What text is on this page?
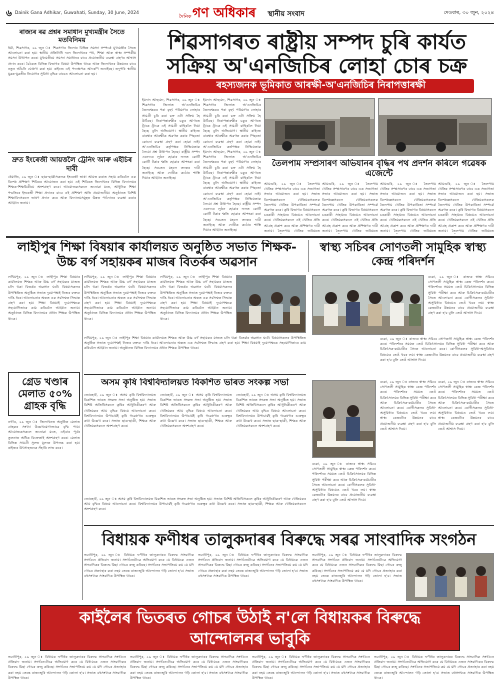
৬ Dainik Gana Adhikar, Guwahati, Sunday, 30 June, 2024
দৈনিক গণ অধিকাৰ স্থানীয় সংবাদ	দেওবাৰ, ৩০ জুন, ২০২৪
ৰাজ্যৰ ৰৱ প্ৰশ্নৰ সমাধান মুখ্যমন্ত্ৰীৰ সৈতে মতবিনিময়
ধৰ্মা, শিৱসাগৰ, ২৯ জুন ঃ শিৱসাগৰ জিলাৰ বিভিন্ন সমস্যা সম্পৰ্কে মুখ্যমন্ত্ৰীৰ সৈতে আলোচনা কৰা হয়। স্থানীয় প্ৰতিনিধি দলে জিলাখনৰ পথ, শিক্ষা আৰু স্বাস্থ্য সম্পৰ্কীয় সমস্যা উত্থাপন কৰে। মুখ্যমন্ত্ৰীয়ে সমস্যা সমাধানৰ বাবে প্ৰয়োজনীয় ব্যৱস্থা গ্ৰহণৰ আশ্বাস প্ৰদান কৰে। বৈঠকত বিভিন্ন বিভাগৰ বিষয়া উপস্থিত থাকে আৰু জিলাখনৰ উন্নয়নৰ বাবে নতুন আঁচনি ঘোষণা কৰা হয়। ৰাইজে এই পদক্ষেপক আদৰণি জনাইছে। তদুপৰি স্থানীয় যুৱক-যুৱতীৰ নিয়োগৰ সুবিধা বৃদ্ধিৰ বাবেও আলোচনা কৰা হয়।
দ্ৰুত ইংৰেজী আয়ত্তলৈ ট্ৰেনিং আৰু এইচিৰ দাবী
ধেমাজি, ২৯ জুন ঃ ছাত্ৰ-ছাত্ৰীসকলক ইংৰেজী ভাষা আয়ত্ত কৰাত সহায় কৰিবলৈ এক বিশেষ প্ৰশিক্ষণ শিবিৰৰ আয়োজন কৰা হয়। এই শিবিৰত জিলাখনৰ বিভিন্ন বিদ্যালয়ৰ শিক্ষক-শিক্ষয়িত্ৰীয়ে অংশগ্ৰহণ কৰে। আয়োজকসকলে জনোৱা মতে, আধুনিক শিক্ষা পদ্ধতিৰে ইংৰেজী শিক্ষা প্ৰদানৰ বাবে এই প্ৰশিক্ষণ অতি প্ৰয়োজনীয়। অনুষ্ঠানত বিশিষ্ট শিক্ষাবিদসকলে ভাষণ প্ৰদান কৰে আৰু বিদ্যালয়সমূহত উন্নত পাঠদানৰ ব্যৱস্থা কৰাৰ আহ্বান জনায়।
শিৱসাগৰত ৰাষ্ট্ৰীয় সম্পদ চুৰি কাৰ্যত সক্ৰিয় অ'এনজিচিৰ লোহা চোৰ চক্ৰ
ৰহস্যজনক ভূমিকাত আৰক্ষী-অ'এনজিচিৰ নিৰাপত্তাৰক্ষী
ইমদাদ আহমেদ, শিৱসাগৰ, ২৯ জুন ঃ শিৱসাগৰ জিলাত অ'এনজিচিৰ তৈলক্ষেত্ৰৰ পৰা বৃহৎ পৰিমাণৰ লোহাৰ সামগ্ৰী চুৰি কৰা চক্ৰ এটা সক্ৰিয় হৈ উঠিছে। নিৰাপত্তাৰক্ষীৰ চকুৰ আগতে ট্ৰাকে ট্ৰাকে এই সামগ্ৰী বাহিৰলৈ নিয়া হৈছে বুলি অভিযোগ। স্থানীয় ৰাইজে বাৰম্বাৰ আৰক্ষীক অৱগত কৰাৰ পিছতো কোনো ব্যৱস্থা গ্ৰহণ কৰা হোৱা নাই। অ'এনজিচিৰ কৰ্তৃপক্ষৰ নিষ্ক্ৰিয়তাক লৈয়ো প্ৰশ্ন উত্থাপন হৈছে। ৰাষ্ট্ৰীয় সম্পদ এনেদৰে লুণ্ঠন হোৱাৰ ফলত কোটি কোটি টকাৰ ক্ষতি হোৱাৰ আশংকা কৰা হৈছে। সচেতন মহলে তদন্তৰ দাবী জনাইছে আৰু দোষীক কঠোৰ শাস্তি দিয়াৰ আহ্বান জনাইছে।
ইমদাদ আহমেদ, শিৱসাগৰ, ২৯ জুন ঃ শিৱসাগৰ জিলাত অ'এনজিচিৰ তৈলক্ষেত্ৰৰ পৰা বৃহৎ পৰিমাণৰ লোহাৰ সামগ্ৰী চুৰি কৰা চক্ৰ এটা সক্ৰিয় হৈ উঠিছে। নিৰাপত্তাৰক্ষীৰ চকুৰ আগতে ট্ৰাকে ট্ৰাকে এই সামগ্ৰী বাহিৰলৈ নিয়া হৈছে বুলি অভিযোগ। স্থানীয় ৰাইজে বাৰম্বাৰ আৰক্ষীক অৱগত কৰাৰ পিছতো কোনো ব্যৱস্থা গ্ৰহণ কৰা হোৱা নাই। অ'এনজিচিৰ কৰ্তৃপক্ষৰ নিষ্ক্ৰিয়তাক
ইমদাদ আহমেদ, শিৱসাগৰ, ২৯ জুন ঃ শিৱসাগৰ জিলাত অ'এনজিচিৰ তৈলক্ষেত্ৰৰ পৰা বৃহৎ পৰিমাণৰ লোহাৰ সামগ্ৰী চুৰি কৰা চক্ৰ এটা সক্ৰিয় হৈ উঠিছে। নিৰাপত্তাৰক্ষীৰ চকুৰ আগতে ট্ৰাকে ট্ৰাকে এই সামগ্ৰী বাহিৰলৈ নিয়া হৈছে বুলি অভিযোগ। স্থানীয় ৰাইজে বাৰম্বাৰ আৰক্ষীক অৱগত কৰাৰ পিছতো কোনো ব্যৱস্থা গ্ৰহণ কৰা হোৱা নাই। অ'এনজিচিৰ কৰ্তৃপক্ষৰ নিষ্ক্ৰিয়তাক লৈয়ো প্ৰশ্ন উত্থাপন হৈছে। ৰাষ্ট্ৰীয় সম্পদ এনেদৰে লুণ্ঠন হোৱাৰ ফলত কোটি কোটি টকাৰ ক্ষতি হোৱাৰ আশংকা কৰা হৈছে। সচেতন মহলে তদন্তৰ দাবী জনাইছে আৰু দোষীক কঠোৰ শাস্তি দিয়াৰ আহ্বান জনাইছে।
তৈলপাম সম্প্ৰসাৰণ অভিযানৰ বৃদ্ধিৰ পথ প্ৰদৰ্শন কৰিলে গৱেষক এজেন্টে
আমগুৰি, ২৯ জুন ঃ তৈলপাম খেতিৰ সম্প্ৰসাৰণৰ বাবে এক সজাগতা সভাৰ আয়োজন কৰা হয়। সভাত বিশেষজ্ঞসকলে খেতিয়কসকলক তৈলপাম খেতিৰ উপকাৰিতা সম্পৰ্কে অৱগত কৰে। কৃষি বিভাগৰ বিষয়াসকলে চৰকাৰী সাহায্যৰ বিষয়েও আলোচনা কৰে। খেতিয়কসকলে এই খেতিৰ প্ৰতি আগ্ৰহ প্ৰকাশ কৰে আৰু প্ৰশিক্ষণৰ দাবী জনায়। তৈলপাম খেতিৰ জৰিয়তে
আমগুৰি, ২৯ জুন ঃ তৈলপাম খেতিৰ সম্প্ৰসাৰণৰ বাবে এক সজাগতা সভাৰ আয়োজন কৰা হয়। সভাত বিশেষজ্ঞসকলে খেতিয়কসকলক তৈলপাম খেতিৰ উপকাৰিতা সম্পৰ্কে অৱগত কৰে। কৃষি বিভাগৰ বিষয়াসকলে চৰকাৰী সাহায্যৰ বিষয়েও আলোচনা কৰে। খেতিয়কসকলে এই খেতিৰ প্ৰতি আগ্ৰহ প্ৰকাশ কৰে আৰু প্ৰশিক্ষণৰ দাবী জনায়। তৈলপাম খেতিৰ জৰিয়তে
আমগুৰি, ২৯ জুন ঃ তৈলপাম খেতিৰ সম্প্ৰসাৰণৰ বাবে এক সজাগতা সভাৰ আয়োজন কৰা হয়। সভাত বিশেষজ্ঞসকলে খেতিয়কসকলক তৈলপাম খেতিৰ উপকাৰিতা সম্পৰ্কে অৱগত কৰে। কৃষি বিভাগৰ বিষয়াসকলে চৰকাৰী সাহায্যৰ বিষয়েও আলোচনা কৰে। খেতিয়কসকলে এই খেতিৰ প্ৰতি আগ্ৰহ প্ৰকাশ কৰে আৰু প্ৰশিক্ষণৰ দাবী জনায়। তৈলপাম খেতিৰ জৰিয়তে
আমগুৰি, ২৯ জুন ঃ তৈলপাম খেতিৰ সম্প্ৰসাৰণৰ বাবে এক সজাগতা সভাৰ আয়োজন কৰা হয়। সভাত বিশেষজ্ঞসকলে খেতিয়কসকলক তৈলপাম খেতিৰ উপকাৰিতা সম্পৰ্কে অৱগত কৰে। কৃষি বিভাগৰ বিষয়াসকলে চৰকাৰী সাহায্যৰ বিষয়েও আলোচনা কৰে। খেতিয়কসকলে এই খেতিৰ প্ৰতি আগ্ৰহ প্ৰকাশ কৰে আৰু প্ৰশিক্ষণৰ দাবী জনায়। তৈলপাম খেতিৰ জৰিয়তে
লাহীপুৰ শিক্ষা বিষয়াৰ কাৰ্যালয়ত অনুষ্ঠিত সভাত শিক্ষক-উচ্চ বৰ্গ সহায়কৰ মাজৰ বিতৰ্কৰ অৱসান
স্বাস্থ্য সচিবৰ সোণতলী সামুহিক স্বাস্থ্য কেন্দ্ৰ পৰিদৰ্শন
লখিমপুৰ, ২৯ জুন ঃ লাহীপুৰ শিক্ষা বিষয়াৰ কাৰ্যালয়ত শিক্ষক আৰু উচ্চ বৰ্গ সহায়কৰ মাজত চলি থকা বিতৰ্কৰ অৱসান ঘটে। বিষয়াসকলৰ উপস্থিতিত অনুষ্ঠিত সভাত দুয়োপক্ষই নিজৰ বক্তব্য দাঙি ধৰে। আলোচনাৰ অন্তত এক সৰ্বসন্মত সিদ্ধান্ত গ্ৰহণ কৰা হয়। শিক্ষা বিষয়াই দুয়োপক্ষকে সহযোগিতাৰে কাম কৰিবলৈ আহ্বান জনায়। অনুষ্ঠানত বিভিন্ন বিদ্যালয়ৰ প্ৰধান শিক্ষক উপস্থিত থাকে।
লখিমপুৰ, ২৯ জুন ঃ লাহীপুৰ শিক্ষা বিষয়াৰ কাৰ্যালয়ত শিক্ষক আৰু উচ্চ বৰ্গ সহায়কৰ মাজত চলি থকা বিতৰ্কৰ অৱসান ঘটে। বিষয়াসকলৰ উপস্থিতিত অনুষ্ঠিত সভাত দুয়োপক্ষই নিজৰ বক্তব্য দাঙি ধৰে। আলোচনাৰ অন্তত এক সৰ্বসন্মত সিদ্ধান্ত গ্ৰহণ কৰা হয়। শিক্ষা বিষয়াই দুয়োপক্ষকে সহযোগিতাৰে কাম কৰিবলৈ আহ্বান জনায়। অনুষ্ঠানত বিভিন্ন বিদ্যালয়ৰ প্ৰধান শিক্ষক উপস্থিত থাকে।
লখিমপুৰ, ২৯ জুন ঃ লাহীপুৰ শিক্ষা বিষয়াৰ কাৰ্যালয়ত শিক্ষক আৰু উচ্চ বৰ্গ সহায়কৰ মাজত চলি থকা বিতৰ্কৰ অৱসান ঘটে। বিষয়াসকলৰ উপস্থিতিত অনুষ্ঠিত সভাত দুয়োপক্ষই নিজৰ বক্তব্য দাঙি ধৰে। আলোচনাৰ অন্তত এক সৰ্বসন্মত সিদ্ধান্ত গ্ৰহণ কৰা হয়। শিক্ষা বিষয়াই দুয়োপক্ষকে সহযোগিতাৰে কাম কৰিবলৈ আহ্বান জনায়। অনুষ্ঠানত বিভিন্ন বিদ্যালয়ৰ প্ৰধান শিক্ষক উপস্থিত থাকে।
বকো, ২৯ জুন ঃ ৰাজ্যৰ স্বাস্থ্য সচিবে সোণতলী সামুহিক স্বাস্থ্য কেন্দ্ৰ পৰিদৰ্শন কৰে। পৰিদৰ্শনৰ সময়ত তেওঁ চিকিৎসালয়ৰ বিভিন্ন সুবিধা পৰীক্ষা কৰে আৰু চিকিৎসক-কৰ্মচাৰীৰ সৈতে আলোচনা কৰে। ৰোগীসকলৰ সুবিধা-অসুবিধাৰ বিষয়েও তেওঁ খবৰ লয়। স্বাস্থ্য কেন্দ্ৰটোৰ উন্নয়নৰ বাবে প্ৰয়োজনীয় ব্যৱস্থা গ্ৰহণ কৰা হ'ব বুলি তেওঁ আশ্বাস দিয়ে।
বকো, ২৯ জুন ঃ ৰাজ্যৰ স্বাস্থ্য সচিবে সোণতলী সামুহিক স্বাস্থ্য কেন্দ্ৰ পৰিদৰ্শন কৰে। পৰিদৰ্শনৰ সময়ত তেওঁ চিকিৎসালয়ৰ বিভিন্ন সুবিধা পৰীক্ষা কৰে আৰু চিকিৎসক-কৰ্মচাৰীৰ সৈতে আলোচনা কৰে। ৰোগীসকলৰ সুবিধা-অসুবিধাৰ বিষয়েও তেওঁ খবৰ লয়। স্বাস্থ্য কেন্দ্ৰটোৰ উন্নয়নৰ বাবে প্ৰয়োজনীয় ব্যৱস্থা গ্ৰহণ কৰা হ'ব বুলি তেওঁ আশ্বাস দিয়ে।
গ্ৰেড খণ্ডাৰ মেলাত ৫০% গ্ৰাহক বৃদ্ধি
নগাঁও, ২৯ জুন ঃ জিলাখনত অনুষ্ঠিত মেলাত গ্ৰাহকৰ সংখ্যা উল্লেখযোগ্যভাৱে বৃদ্ধি পায়। আয়োজকসকলে জনোৱা মতে, এইবাৰ পূৰ্বৰ তুলনাত অধিক বিক্ৰেতাই অংশগ্ৰহণ কৰে। মেলাত বিভিন্ন সামগ্ৰী সুলভ মূল্যত উপলব্ধ কৰা হয়। ৰাইজৰ উৎসাহজনক সঁহাৰি লাভ কৰে।
লখিমপুৰ, ২৯ জুন ঃ লাহীপুৰ শিক্ষা বিষয়াৰ কাৰ্যালয়ত শিক্ষক আৰু উচ্চ বৰ্গ সহায়কৰ মাজত চলি থকা বিতৰ্কৰ অৱসান ঘটে। বিষয়াসকলৰ উপস্থিতিত অনুষ্ঠিত সভাত দুয়োপক্ষই নিজৰ বক্তব্য দাঙি ধৰে। আলোচনাৰ অন্তত এক সৰ্বসন্মত সিদ্ধান্ত গ্ৰহণ কৰা হয়। শিক্ষা বিষয়াই দুয়োপক্ষকে সহযোগিতাৰে কাম কৰিবলৈ আহ্বান জনায়। অনুষ্ঠানত বিভিন্ন বিদ্যালয়ৰ প্ৰধান শিক্ষক উপস্থিত থাকে।
অসম কৃষি বিশ্ববিদ্যালয়ত বিকশিত ভাৰত সংকল্প সভা
জোৰহাট, ২৯ জুন ঃ অসম কৃষি বিশ্ববিদ্যালয়ত বিকশিত ভাৰত সংকল্প সভা অনুষ্ঠিত হয়। সভাত বিশিষ্ট অতিথিসকলে কৃষিৰ আধুনিকীকৰণ আৰু খেতিয়কৰ আয় বৃদ্ধিৰ বিষয়ে আলোচনা কৰে। বিশ্ববিদ্যালয়ৰ উপাচাৰ্যই কৃষি গৱেষণাৰ গুৰুত্বৰ কথা উল্লেখ কৰে। সভাত ছাত্ৰ-ছাত্ৰী, শিক্ষক আৰু খেতিয়কসকলে অংশগ্ৰহণ কৰে।
জোৰহাট, ২৯ জুন ঃ অসম কৃষি বিশ্ববিদ্যালয়ত বিকশিত ভাৰত সংকল্প সভা অনুষ্ঠিত হয়। সভাত বিশিষ্ট অতিথিসকলে কৃষিৰ আধুনিকীকৰণ আৰু খেতিয়কৰ আয় বৃদ্ধিৰ বিষয়ে আলোচনা কৰে। বিশ্ববিদ্যালয়ৰ উপাচাৰ্যই কৃষি গৱেষণাৰ গুৰুত্বৰ কথা উল্লেখ কৰে। সভাত ছাত্ৰ-ছাত্ৰী, শিক্ষক আৰু খেতিয়কসকলে অংশগ্ৰহণ কৰে।
জোৰহাট, ২৯ জুন ঃ অসম কৃষি বিশ্ববিদ্যালয়ত বিকশিত ভাৰত সংকল্প সভা অনুষ্ঠিত হয়। সভাত বিশিষ্ট অতিথিসকলে কৃষিৰ আধুনিকীকৰণ আৰু খেতিয়কৰ আয় বৃদ্ধিৰ বিষয়ে আলোচনা কৰে। বিশ্ববিদ্যালয়ৰ উপাচাৰ্যই কৃষি গৱেষণাৰ গুৰুত্বৰ কথা উল্লেখ কৰে। সভাত ছাত্ৰ-ছাত্ৰী, শিক্ষক আৰু খেতিয়কসকলে অংশগ্ৰহণ কৰে।
বকো, ২৯ জুন ঃ ৰাজ্যৰ স্বাস্থ্য সচিবে সোণতলী সামুহিক স্বাস্থ্য কেন্দ্ৰ পৰিদৰ্শন কৰে। পৰিদৰ্শনৰ সময়ত তেওঁ চিকিৎসালয়ৰ বিভিন্ন সুবিধা পৰীক্ষা কৰে আৰু চিকিৎসক-কৰ্মচাৰীৰ সৈতে আলোচনা কৰে। ৰোগীসকলৰ সুবিধা-অসুবিধাৰ বিষয়েও তেওঁ খবৰ লয়। স্বাস্থ্য কেন্দ্ৰটোৰ উন্নয়নৰ বাবে প্ৰয়োজনীয় ব্যৱস্থা গ্ৰহণ কৰা হ'ব বুলি তেওঁ আশ্বাস দিয়ে।
বকো, ২৯ জুন ঃ ৰাজ্যৰ স্বাস্থ্য সচিবে সোণতলী সামুহিক স্বাস্থ্য কেন্দ্ৰ পৰিদৰ্শন কৰে। পৰিদৰ্শনৰ সময়ত তেওঁ চিকিৎসালয়ৰ বিভিন্ন সুবিধা পৰীক্ষা কৰে আৰু চিকিৎসক-কৰ্মচাৰীৰ সৈতে আলোচনা কৰে। ৰোগীসকলৰ সুবিধা-অসুবিধাৰ বিষয়েও তেওঁ খবৰ লয়। স্বাস্থ্য কেন্দ্ৰটোৰ উন্নয়নৰ বাবে প্ৰয়োজনীয় ব্যৱস্থা গ্ৰহণ কৰা হ'ব বুলি তেওঁ আশ্বাস দিয়ে।
বকো, ২৯ জুন ঃ ৰাজ্যৰ স্বাস্থ্য সচিবে সোণতলী সামুহিক স্বাস্থ্য কেন্দ্ৰ পৰিদৰ্শন কৰে। পৰিদৰ্শনৰ সময়ত তেওঁ চিকিৎসালয়ৰ বিভিন্ন সুবিধা পৰীক্ষা কৰে আৰু চিকিৎসক-কৰ্মচাৰীৰ সৈতে আলোচনা কৰে। ৰোগীসকলৰ সুবিধা-অসুবিধাৰ বিষয়েও তেওঁ খবৰ লয়। স্বাস্থ্য কেন্দ্ৰটোৰ উন্নয়নৰ বাবে প্ৰয়োজনীয় ব্যৱস্থা গ্ৰহণ কৰা হ'ব বুলি তেওঁ আশ্বাস দিয়ে।
জোৰহাট, ২৯ জুন ঃ অসম কৃষি বিশ্ববিদ্যালয়ত বিকশিত ভাৰত সংকল্প সভা অনুষ্ঠিত হয়। সভাত বিশিষ্ট অতিথিসকলে কৃষিৰ আধুনিকীকৰণ আৰু খেতিয়কৰ আয় বৃদ্ধিৰ বিষয়ে আলোচনা কৰে। বিশ্ববিদ্যালয়ৰ উপাচাৰ্যই কৃষি গৱেষণাৰ গুৰুত্বৰ কথা উল্লেখ কৰে। সভাত ছাত্ৰ-ছাত্ৰী, শিক্ষক আৰু খেতিয়কসকলে অংশগ্ৰহণ কৰে।
বিধায়ক ফণীধৰ তালুকদাৰৰ বিৰুদ্ধে সৰৱ সাংবাদিক সংগঠন
ভবানীপুৰ, ২৯ জুন ঃ বিধায়ক ফণীধৰ তালুকদাৰৰ বিৰুদ্ধে সাংবাদিক সংগঠনে প্ৰতিবাদ জনায়। সংগঠনটোৱে অভিযোগ কৰে যে বিধায়কে এজন সাংবাদিকৰ বিৰুদ্ধে মিছা গোচৰ ৰুজু কৰিছে। সংগঠনৰ সভাপতিয়ে কয় যে যদি গোচৰ প্ৰত্যাহাৰ কৰা নহয় তেন্তে ৰাজ্যজুৰি আন্দোলন গঢ়ি তোলা হ'ব। সভাত বহুসংখ্যক সাংবাদিক উপস্থিত থাকে।
ভবানীপুৰ, ২৯ জুন ঃ বিধায়ক ফণীধৰ তালুকদাৰৰ বিৰুদ্ধে সাংবাদিক সংগঠনে প্ৰতিবাদ জনায়। সংগঠনটোৱে অভিযোগ কৰে যে বিধায়কে এজন সাংবাদিকৰ বিৰুদ্ধে মিছা গোচৰ ৰুজু কৰিছে। সংগঠনৰ সভাপতিয়ে কয় যে যদি গোচৰ প্ৰত্যাহাৰ কৰা নহয় তেন্তে ৰাজ্যজুৰি আন্দোলন গঢ়ি তোলা হ'ব। সভাত বহুসংখ্যক সাংবাদিক উপস্থিত থাকে।
ভবানীপুৰ, ২৯ জুন ঃ বিধায়ক ফণীধৰ তালুকদাৰৰ বিৰুদ্ধে সাংবাদিক সংগঠনে প্ৰতিবাদ জনায়। সংগঠনটোৱে অভিযোগ কৰে যে বিধায়কে এজন সাংবাদিকৰ বিৰুদ্ধে মিছা গোচৰ ৰুজু কৰিছে। সংগঠনৰ সভাপতিয়ে কয় যে যদি গোচৰ প্ৰত্যাহাৰ কৰা নহয় তেন্তে ৰাজ্যজুৰি আন্দোলন গঢ়ি তোলা হ'ব। সভাত বহুসংখ্যক সাংবাদিক উপস্থিত থাকে।
কাইলৈৰ ভিতৰত গোচৰ উঠাই ন'লে বিধায়কৰ বিৰুদ্ধে আন্দোলনৰ ভাবুকি
ভবানীপুৰ, ২৯ জুন ঃ বিধায়ক ফণীধৰ তালুকদাৰৰ বিৰুদ্ধে সাংবাদিক সংগঠনে প্ৰতিবাদ জনায়। সংগঠনটোৱে অভিযোগ কৰে যে বিধায়কে এজন সাংবাদিকৰ বিৰুদ্ধে মিছা গোচৰ ৰুজু কৰিছে। সংগঠনৰ সভাপতিয়ে কয় যে যদি গোচৰ প্ৰত্যাহাৰ কৰা নহয় তেন্তে ৰাজ্যজুৰি আন্দোলন গঢ়ি তোলা হ'ব। সভাত বহুসংখ্যক সাংবাদিক উপস্থিত থাকে।
ভবানীপুৰ, ২৯ জুন ঃ বিধায়ক ফণীধৰ তালুকদাৰৰ বিৰুদ্ধে সাংবাদিক সংগঠনে প্ৰতিবাদ জনায়। সংগঠনটোৱে অভিযোগ কৰে যে বিধায়কে এজন সাংবাদিকৰ বিৰুদ্ধে মিছা গোচৰ ৰুজু কৰিছে। সংগঠনৰ সভাপতিয়ে কয় যে যদি গোচৰ প্ৰত্যাহাৰ কৰা নহয় তেন্তে ৰাজ্যজুৰি আন্দোলন গঢ়ি তোলা হ'ব। সভাত বহুসংখ্যক সাংবাদিক উপস্থিত থাকে।
ভবানীপুৰ, ২৯ জুন ঃ বিধায়ক ফণীধৰ তালুকদাৰৰ বিৰুদ্ধে সাংবাদিক সংগঠনে প্ৰতিবাদ জনায়। সংগঠনটোৱে অভিযোগ কৰে যে বিধায়কে এজন সাংবাদিকৰ বিৰুদ্ধে মিছা গোচৰ ৰুজু কৰিছে। সংগঠনৰ সভাপতিয়ে কয় যে যদি গোচৰ প্ৰত্যাহাৰ কৰা নহয় তেন্তে ৰাজ্যজুৰি আন্দোলন গঢ়ি তোলা হ'ব। সভাত বহুসংখ্যক সাংবাদিক উপস্থিত থাকে।
ভবানীপুৰ, ২৯ জুন ঃ বিধায়ক ফণীধৰ তালুকদাৰৰ বিৰুদ্ধে সাংবাদিক সংগঠনে প্ৰতিবাদ জনায়। সংগঠনটোৱে অভিযোগ কৰে যে বিধায়কে এজন সাংবাদিকৰ বিৰুদ্ধে মিছা গোচৰ ৰুজু কৰিছে। সংগঠনৰ সভাপতিয়ে কয় যে যদি গোচৰ প্ৰত্যাহাৰ কৰা নহয় তেন্তে ৰাজ্যজুৰি আন্দোলন গঢ়ি তোলা হ'ব। সভাত বহুসংখ্যক সাংবাদিক উপস্থিত থাকে।
